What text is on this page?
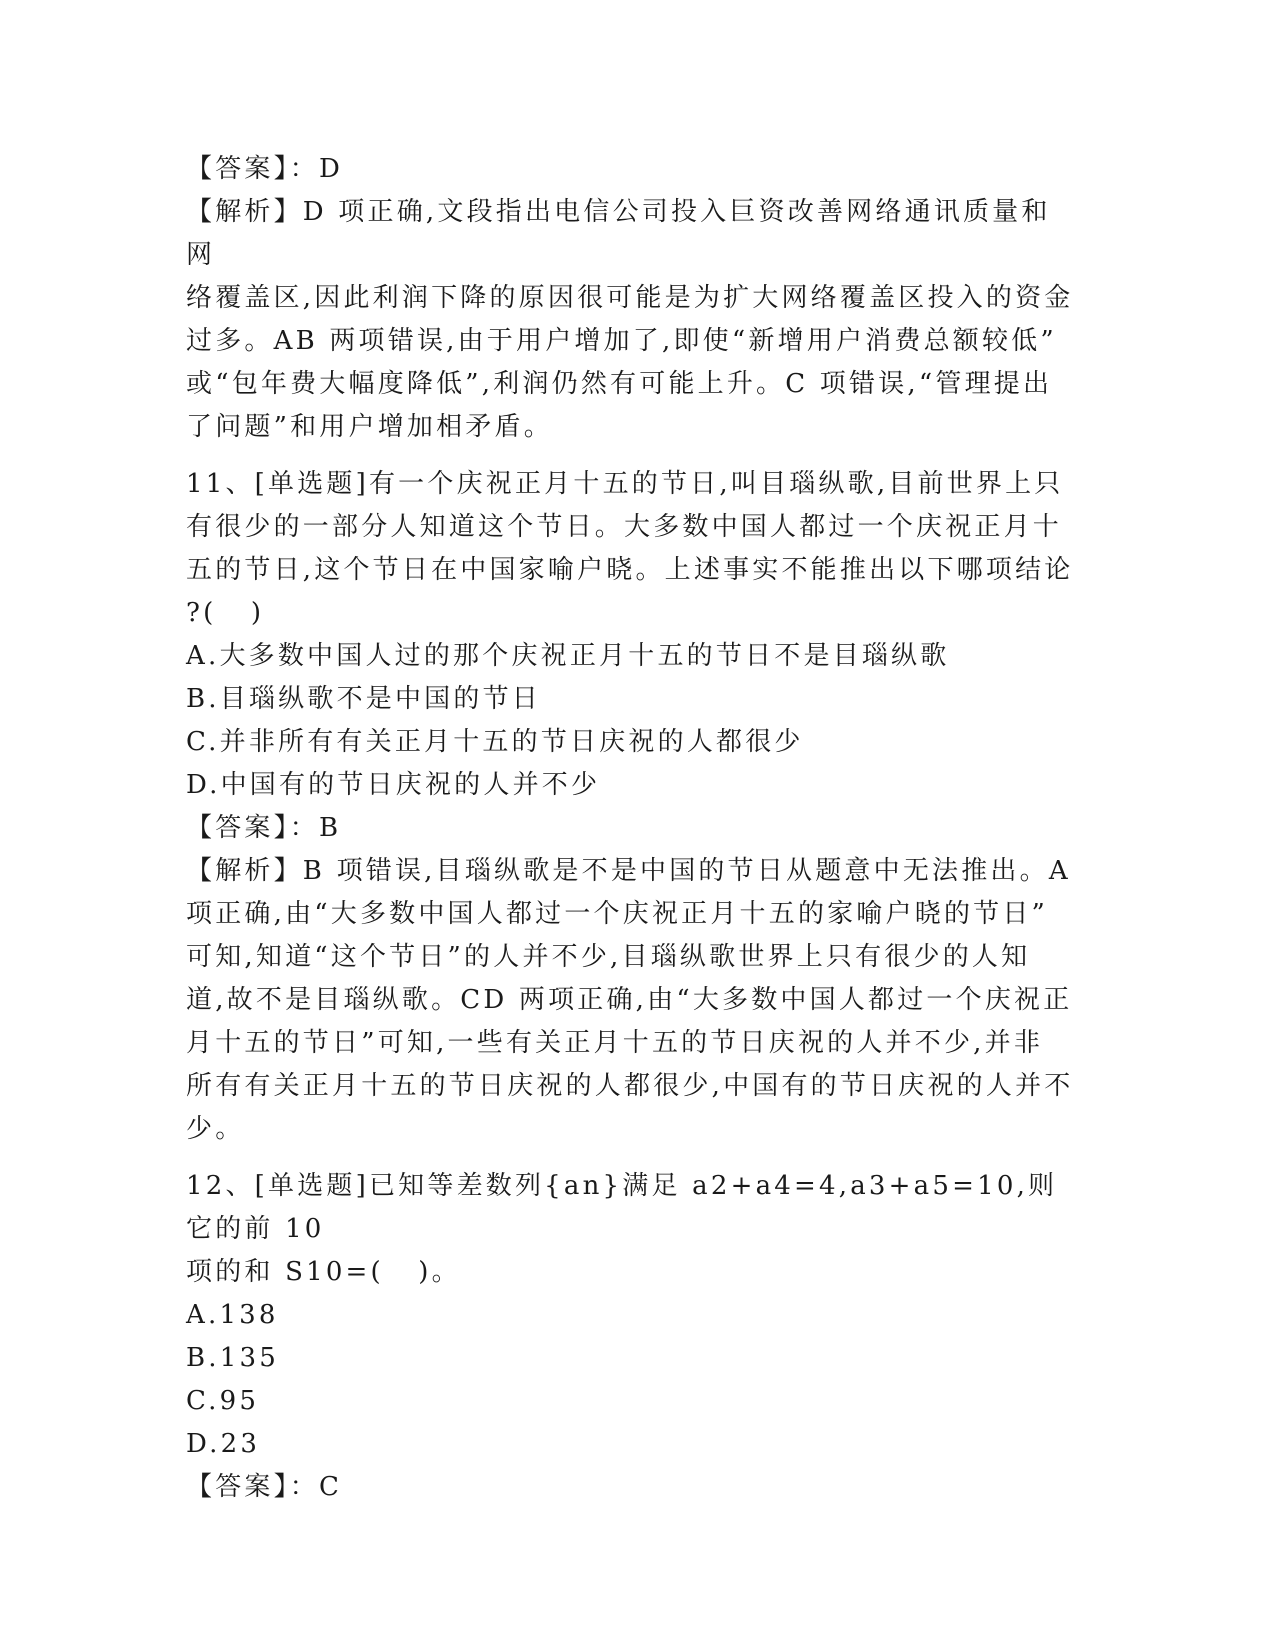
【答案】：D

【解析】D 项正确,文段指出电信公司投入巨资改善网络通讯质量和网

络覆盖区,因此利润下降的原因很可能是为扩大网络覆盖区投入的资金

过多。AB 两项错误,由于用户增加了,即使“新增用户消费总额较低”

或“包年费大幅度降低”,利润仍然有可能上升。C 项错误,“管理提出

了问题”和用户增加相矛盾。

11、[单选题]有一个庆祝正月十五的节日,叫目瑙纵歌,目前世界上只

有很少的一部分人知道这个节日。大多数中国人都过一个庆祝正月十

五的节日,这个节日在中国家喻户晓。上述事实不能推出以下哪项结论

?(   )

A.大多数中国人过的那个庆祝正月十五的节日不是目瑙纵歌

B.目瑙纵歌不是中国的节日

C.并非所有有关正月十五的节日庆祝的人都很少

D.中国有的节日庆祝的人并不少

【答案】：B

【解析】B 项错误,目瑙纵歌是不是中国的节日从题意中无法推出。A

项正确,由“大多数中国人都过一个庆祝正月十五的家喻户晓的节日”

可知,知道“这个节日”的人并不少,目瑙纵歌世界上只有很少的人知

道,故不是目瑙纵歌。CD 两项正确,由“大多数中国人都过一个庆祝正

月十五的节日”可知,一些有关正月十五的节日庆祝的人并不少,并非

所有有关正月十五的节日庆祝的人都很少,中国有的节日庆祝的人并不

少。

12、[单选题]已知等差数列{an}满足 a2+a4=4,a3+a5=10,则它的前 10

项的和 S10=(   )。

A.138

B.135

C.95

D.23

【答案】：C
